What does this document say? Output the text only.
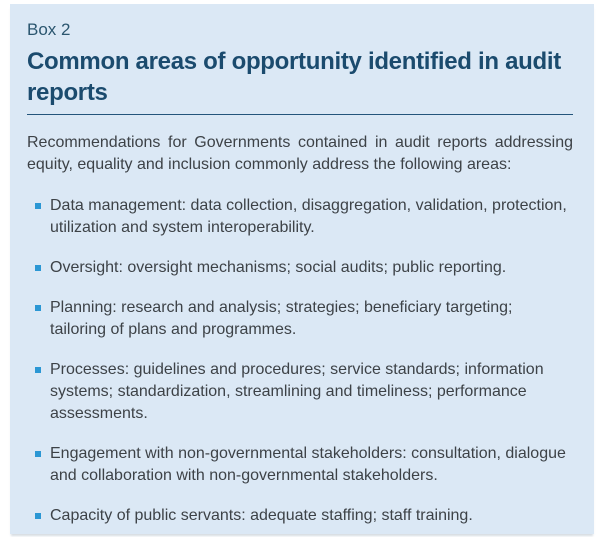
Box 2
Common areas of opportunity identified in audit reports

Recommendations for Governments contained in audit reports addressing equity, equality and inclusion commonly address the following areas:

Data management: data collection, disaggregation, validation, protection, utilization and system interoperability.
Oversight: oversight mechanisms; social audits; public reporting.
Planning: research and analysis; strategies; beneficiary targeting; tailoring of plans and programmes.
Processes: guidelines and procedures; service standards; information systems; standardization, streamlining and timeliness; performance assessments.
Engagement with non-governmental stakeholders: consultation, dialogue and collaboration with non-governmental stakeholders.
Capacity of public servants: adequate staffing; staff training.
